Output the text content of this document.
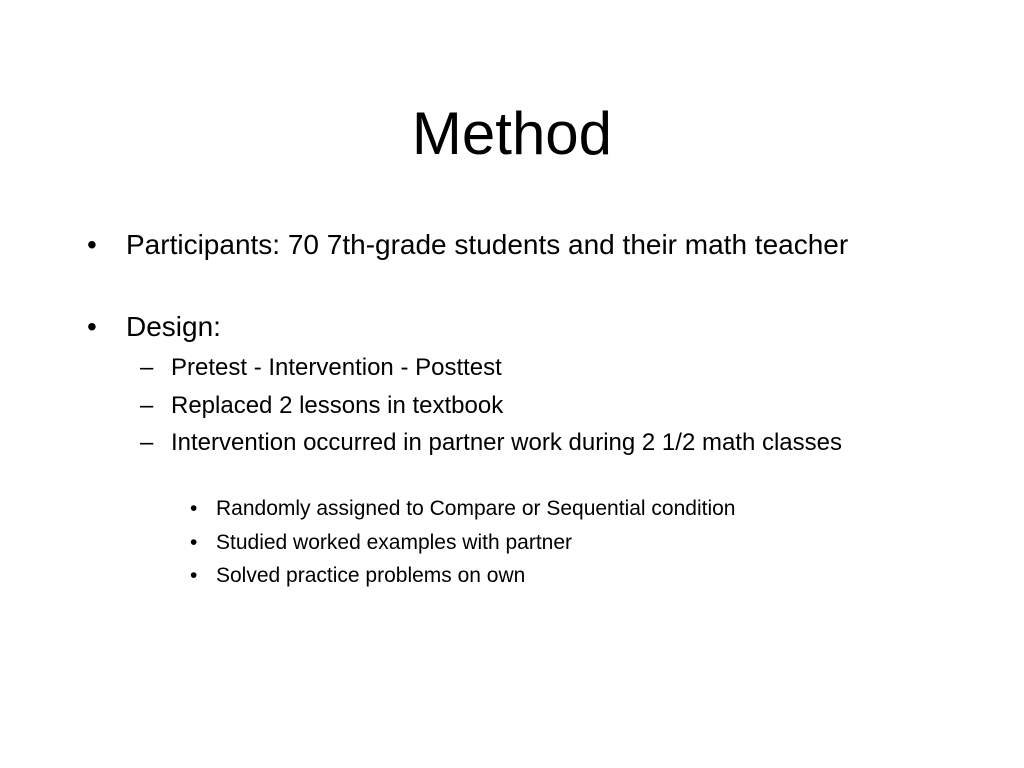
Method
• Participants: 70 7th-grade students and their math teacher
• Design:
– Pretest - Intervention - Posttest
– Replaced 2 lessons in textbook
– Intervention occurred in partner work during 2 1/2 math classes
• Randomly assigned to Compare or Sequential condition
• Studied worked examples with partner
• Solved practice problems on own
